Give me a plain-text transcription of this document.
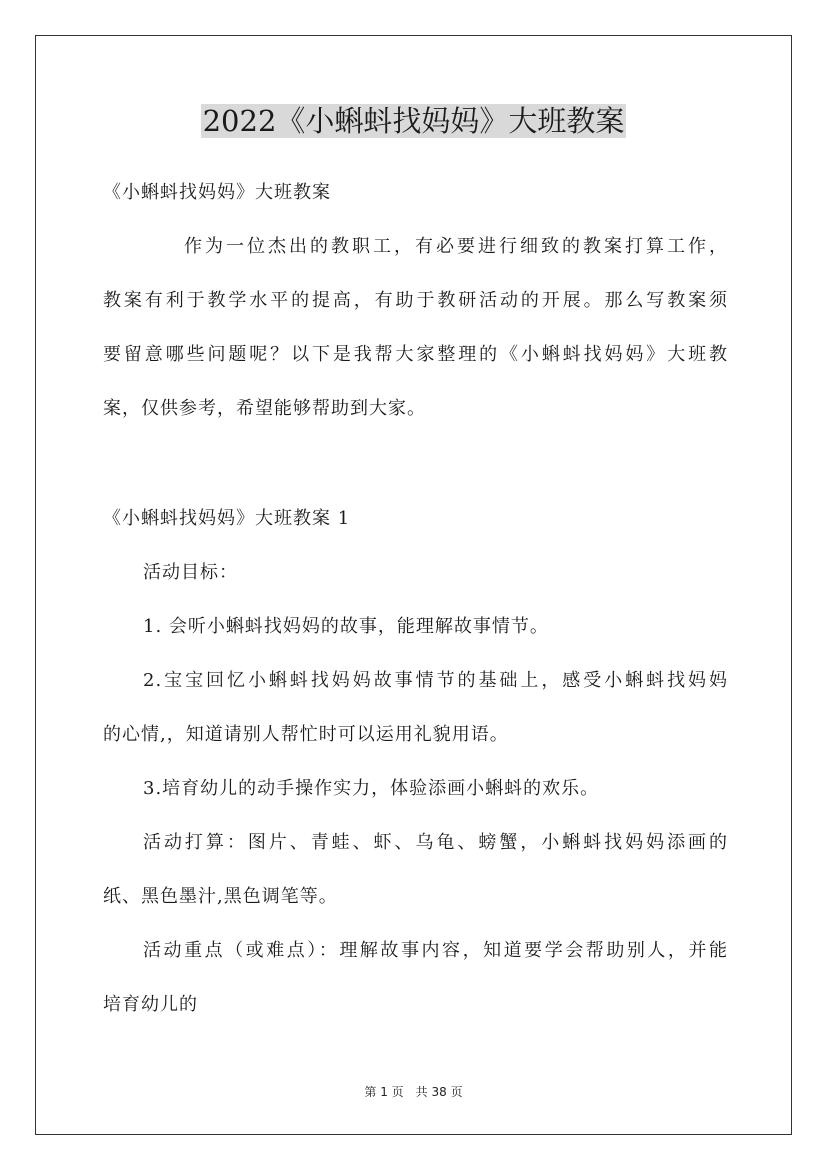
2022《小蝌蚪找妈妈》大班教案
《小蝌蚪找妈妈》大班教案
作为一位杰出的教职工，有必要进行细致的教案打算工作，
教案有利于教学水平的提高，有助于教研活动的开展。那么写教案须
要留意哪些问题呢？以下是我帮大家整理的《小蝌蚪找妈妈》大班教
案，仅供参考，希望能够帮助到大家。
《小蝌蚪找妈妈》大班教案 1
活动目标：
1. 会听小蝌蚪找妈妈的故事，能理解故事情节。
2.宝宝回忆小蝌蚪找妈妈故事情节的基础上，感受小蝌蚪找妈妈
的心情,，知道请别人帮忙时可以运用礼貌用语。
3.培育幼儿的动手操作实力，体验添画小蝌蚪的欢乐。
活动打算：图片、青蛙、虾、乌龟、螃蟹，小蝌蚪找妈妈添画的
纸、黑色墨汁,黑色调笔等。
活动重点（或难点）：理解故事内容，知道要学会帮助别人，并能
培育幼儿的
第 1 页　共 38 页
